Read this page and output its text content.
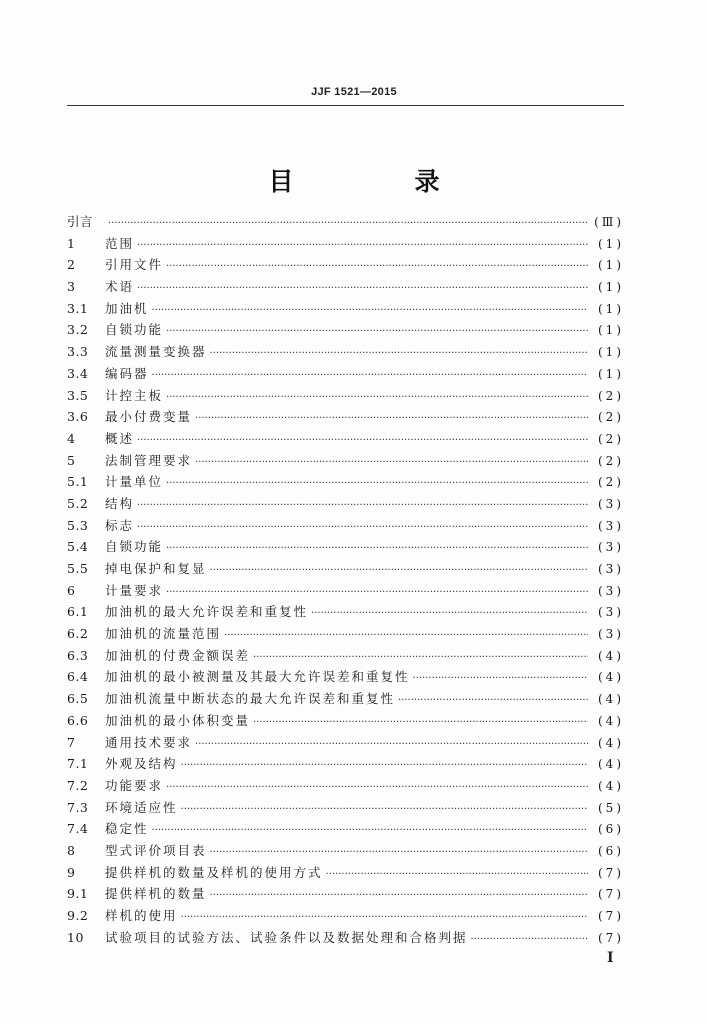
JJF 1521—2015
目　录
引言 ·····	(Ⅲ)
1	范围 ·····	(1)
2	引用文件 ·····	(1)
3	术语 ·····	(1)
3.1	加油机 ·····	(1)
3.2	自锁功能 ·····	(1)
3.3	流量测量变换器 ·····	(1)
3.4	编码器 ·····	(1)
3.5	计控主板 ·····	(2)
3.6	最小付费变量 ·····	(2)
4	概述 ·····	(2)
5	法制管理要求 ·····	(2)
5.1	计量单位 ·····	(2)
5.2	结构 ·····	(3)
5.3	标志 ·····	(3)
5.4	自锁功能 ·····	(3)
5.5	掉电保护和复显 ·····	(3)
6	计量要求 ·····	(3)
6.1	加油机的最大允许误差和重复性 ·····	(3)
6.2	加油机的流量范围 ·····	(3)
6.3	加油机的付费金额误差 ·····	(4)
6.4	加油机的最小被测量及其最大允许误差和重复性 ·····	(4)
6.5	加油机流量中断状态的最大允许误差和重复性 ·····	(4)
6.6	加油机的最小体积变量 ·····	(4)
7	通用技术要求 ·····	(4)
7.1	外观及结构 ·····	(4)
7.2	功能要求 ·····	(4)
7.3	环境适应性 ·····	(5)
7.4	稳定性 ·····	(6)
8	型式评价项目表 ·····	(6)
9	提供样机的数量及样机的使用方式 ·····	(7)
9.1	提供样机的数量 ·····	(7)
9.2	样机的使用 ·····	(7)
10	试验项目的试验方法、试验条件以及数据处理和合格判据 ·····	(7)
I
